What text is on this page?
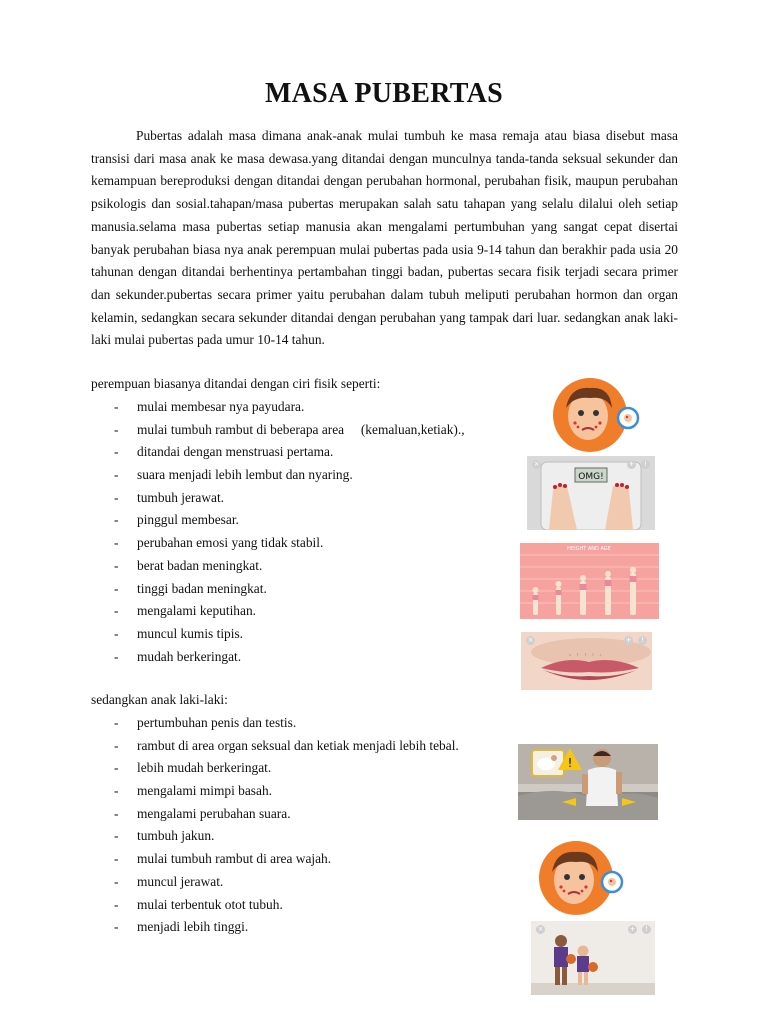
MASA PUBERTAS

Pubertas adalah masa dimana anak-anak mulai tumbuh ke masa remaja atau biasa disebut masa transisi dari masa anak ke masa dewasa.yang ditandai dengan munculnya tanda-tanda seksual sekunder dan kemampuan bereproduksi dengan ditandai dengan perubahan hormonal, perubahan fisik, maupun perubahan psikologis dan sosial.tahapan/masa pubertas merupakan salah satu tahapan yang selalu dilalui oleh setiap manusia.selama masa pubertas setiap manusia akan mengalami pertumbuhan yang sangat cepat disertai banyak perubahan biasa nya anak perempuan mulai pubertas pada usia 9-14 tahun dan berakhir pada usia 20 tahunan dengan ditandai berhentinya pertambahan tinggi badan, pubertas secara fisik terjadi secara primer dan sekunder.pubertas secara primer yaitu perubahan dalam tubuh meliputi perubahan hormon dan organ kelamin, sedangkan secara sekunder ditandai dengan perubahan yang tampak dari luar. sedangkan anak laki-laki mulai pubertas pada umur 10-14 tahun.

perempuan biasanya ditandai dengan ciri fisik seperti:

- mulai membesar nya payudara.
- mulai tumbuh rambut di beberapa area     (kemaluan,ketiak).,
- ditandai dengan menstruasi pertama.
- suara menjadi lebih lembut dan nyaring.
- tumbuh jerawat.
- pinggul membesar.
- perubahan emosi yang tidak stabil.
- berat badan meningkat.
- tinggi badan meningkat.
- mengalami keputihan.
- muncul kumis tipis.
- mudah berkeringat.

sedangkan anak laki-laki:

- pertumbuhan penis dan testis.
- rambut di area organ seksual dan ketiak menjadi lebih tebal.
- lebih mudah berkeringat.
- mengalami mimpi basah.
- mengalami perubahan suara.
- tumbuh jakun.
- mulai tumbuh rambut di area wajah.
- muncul jerawat.
- mulai terbentuk otot tubuh.
- menjadi lebih tinggi.
OMG!
×	+	!
HEIGHT AND AGE
×	+	!
!
×	+	!
